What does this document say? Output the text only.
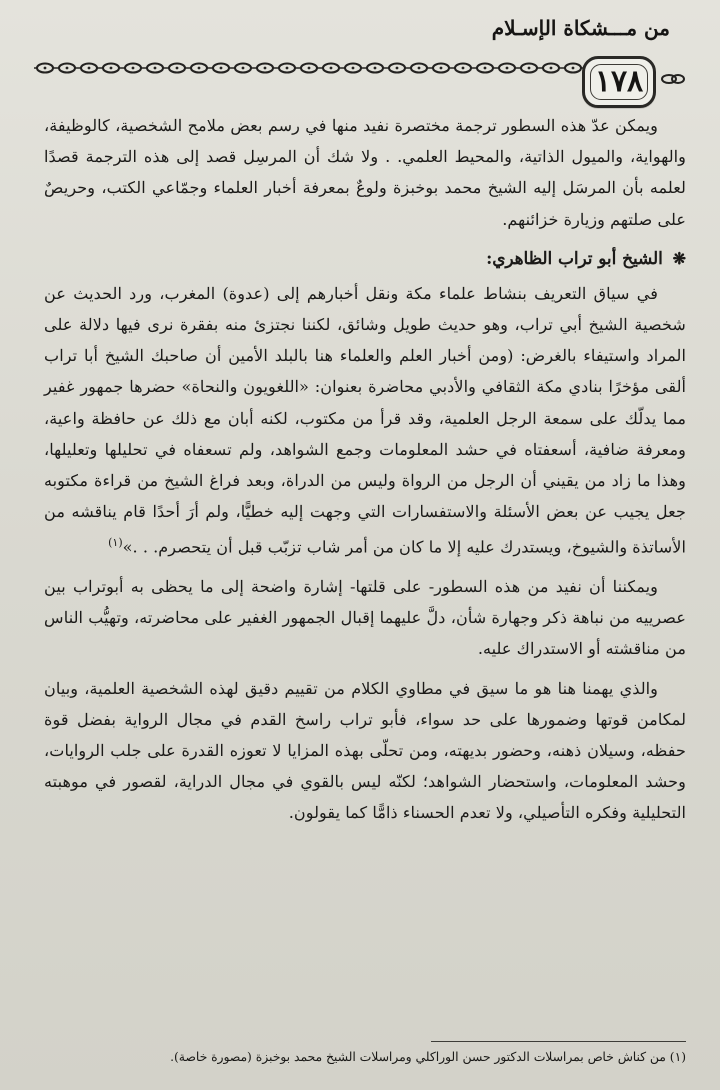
من مـــشكاة الإسـلام
١٧٨

ويمكن عدّ هذه السطور ترجمة مختصرة نفيد منها في رسم بعض ملامح الشخصية، كالوظيفة، والهواية، والميول الذاتية، والمحيط العلمي. . ولا شك أن المرسِل قصد إلى هذه الترجمة قصدًا لعلمه بأن المرسَل إليه الشيخ محمد بوخبزة ولوعٌ بمعرفة أخبار العلماء وجمّاعي الكتب، وحريصٌ على صلتهم وزيارة خزائنهم.

❋ الشيخ أبو تراب الظاهري:

في سياق التعريف بنشاط علماء مكة ونقل أخبارهم إلى (عدوة) المغرب، ورد الحديث عن شخصية الشيخ أبي تراب، وهو حديث طويل وشائق، لكننا نجتزئ منه بفقرة نرى فيها دلالة على المراد واستيفاء بالغرض: (ومن أخبار العلم والعلماء هنا بالبلد الأمين أن صاحبك الشيخ أبا تراب ألقى مؤخرًا بنادي مكة الثقافي والأدبي محاضرة بعنوان: «اللغويون والنحاة» حضرها جمهور غفير مما يدلّك على سمعة الرجل العلمية، وقد قرأ من مكتوب، لكنه أبان مع ذلك عن حافظة واعية، ومعرفة ضافية، أسعفتاه في حشد المعلومات وجمع الشواهد، ولم تسعفاه في تحليلها وتعليلها، وهذا ما زاد من يقيني أن الرجل من الرواة وليس من الدراة، وبعد فراغ الشيخ من قراءة مكتوبه جعل يجيب عن بعض الأسئلة والاستفسارات التي وجهت إليه خطيًّا، ولم أرَ أحدًا قام يناقشه من الأساتذة والشيوخ، ويستدرك عليه إلا ما كان من أمر شاب تزبّب قبل أن يتحصرم. . .»$^{(١)}$

ويمكننا أن نفيد من هذه السطور- على قلتها- إشارة واضحة إلى ما يحظى به أبوتراب بين عصرييه من نباهة ذكر وجهارة شأن، دلَّ عليهما إقبال الجمهور الغفير على محاضرته، وتهيُّب الناس من مناقشته أو الاستدراك عليه.

والذي يهمنا هنا هو ما سيق في مطاوي الكلام من تقييم دقيق لهذه الشخصية العلمية، وبيان لمكامن قوتها وضمورها على حد سواء، فأبو تراب راسخ القدم في مجال الرواية بفضل قوة حفظه، وسيلان ذهنه، وحضور بديهته، ومن تحلّى بهذه المزايا لا تعوزه القدرة على جلب الروايات، وحشد المعلومات، واستحضار الشواهد؛ لكنّه ليس بالقوي في مجال الدراية، لقصور في موهبته التحليلية وفكره التأصيلي، ولا تعدم الحسناء ذامًّا كما يقولون.

(١) من كناش خاص بمراسلات الدكتور حسن الوراكلي ومراسلات الشيخ محمد بوخبزة (مصورة خاصة).
